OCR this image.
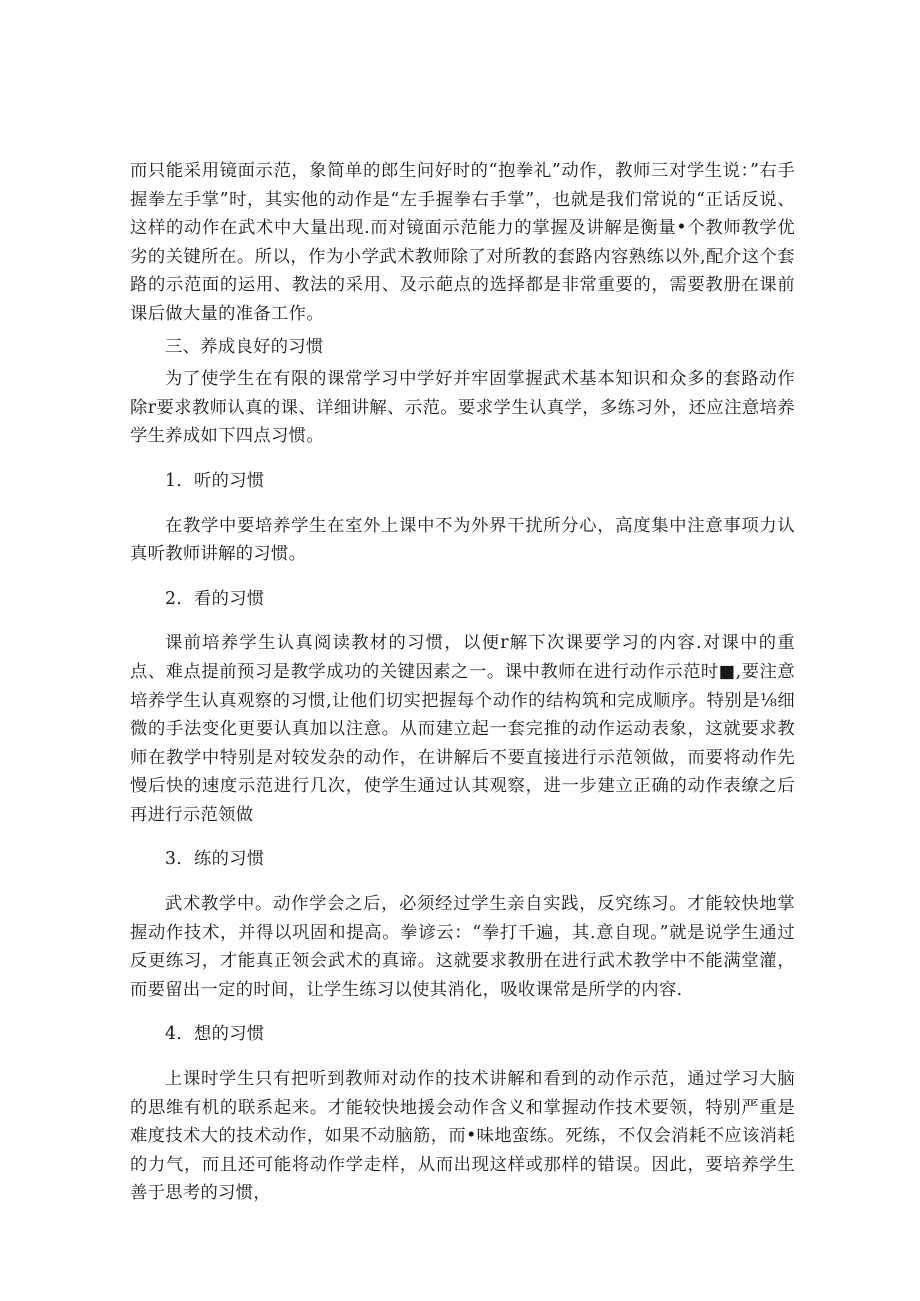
而只能采用镜面示范，象简单的郎生问好时的“抱拳礼”动作，教师三对学生说：”右手握拳左手掌”时，其实他的动作是“左手握拳右手掌”，也就是我们常说的“正话反说、这样的动作在武术中大量出现.而对镜面示范能力的掌握及讲解是衡量•个教师教学优劣的关键所在。所以，作为小学武术教师除了对所教的套路内容熟练以外,配介这个套路的示范面的运用、教法的采用、及示葩点的选择都是非常重要的，需要教册在课前课后做大量的准备工作。

三、养成良好的习惯

为了使学生在有限的课常学习中学好并牢固掌握武术基本知识和众多的套路动作除r要求教师认真的课、详细讲解、示范。要求学生认真学，多练习外，还应注意培养学生养成如下四点习惯。

1．听的习惯

在教学中要培养学生在室外上课中不为外界干扰所分心，高度集中注意事项力认真听教师讲解的习惯。

2．看的习惯

课前培养学生认真阅读教材的习惯，以便r解下次课要学习的内容.对课中的重点、难点提前预习是教学成功的关键因素之一。课中教师在进行动作示范时■,要注意培养学生认真观察的习惯,让他们切实把握每个动作的结构筑和完成顺序。特别是⅛细微的手法变化更要认真加以注意。从而建立起一套完推的动作运动表象，这就要求教师在教学中特别是对较发杂的动作，在讲解后不要直接进行示范领做，而要将动作先慢后快的速度示范进行几次，使学生通过认其观察，进一步建立正确的动作表缭之后再进行示范领做

3．练的习惯

武术教学中。动作学会之后，必须经过学生亲自实践，反究练习。才能较快地掌握动作技术，并得以巩固和提高。拳谚云：“拳打千遍，其.意自现。”就是说学生通过反更练习，才能真正领会武术的真谛。这就要求教册在进行武术教学中不能满堂灌，而要留出一定的时间，让学生练习以使其消化，吸收课常是所学的内容.

4．想的习惯

上课时学生只有把听到教师对动作的技术讲解和看到的动作示范，通过学习大脑的思维有机的联系起来。才能较快地援会动作含义和掌握动作技术要领，特别严重是难度技术大的技术动作，如果不动脑筋，而•味地蛮练。死练，不仅会消耗不应该消耗的力气，而且还可能将动作学走样，从而出现这样或那样的错误。因此，要培养学生善于思考的习惯，
